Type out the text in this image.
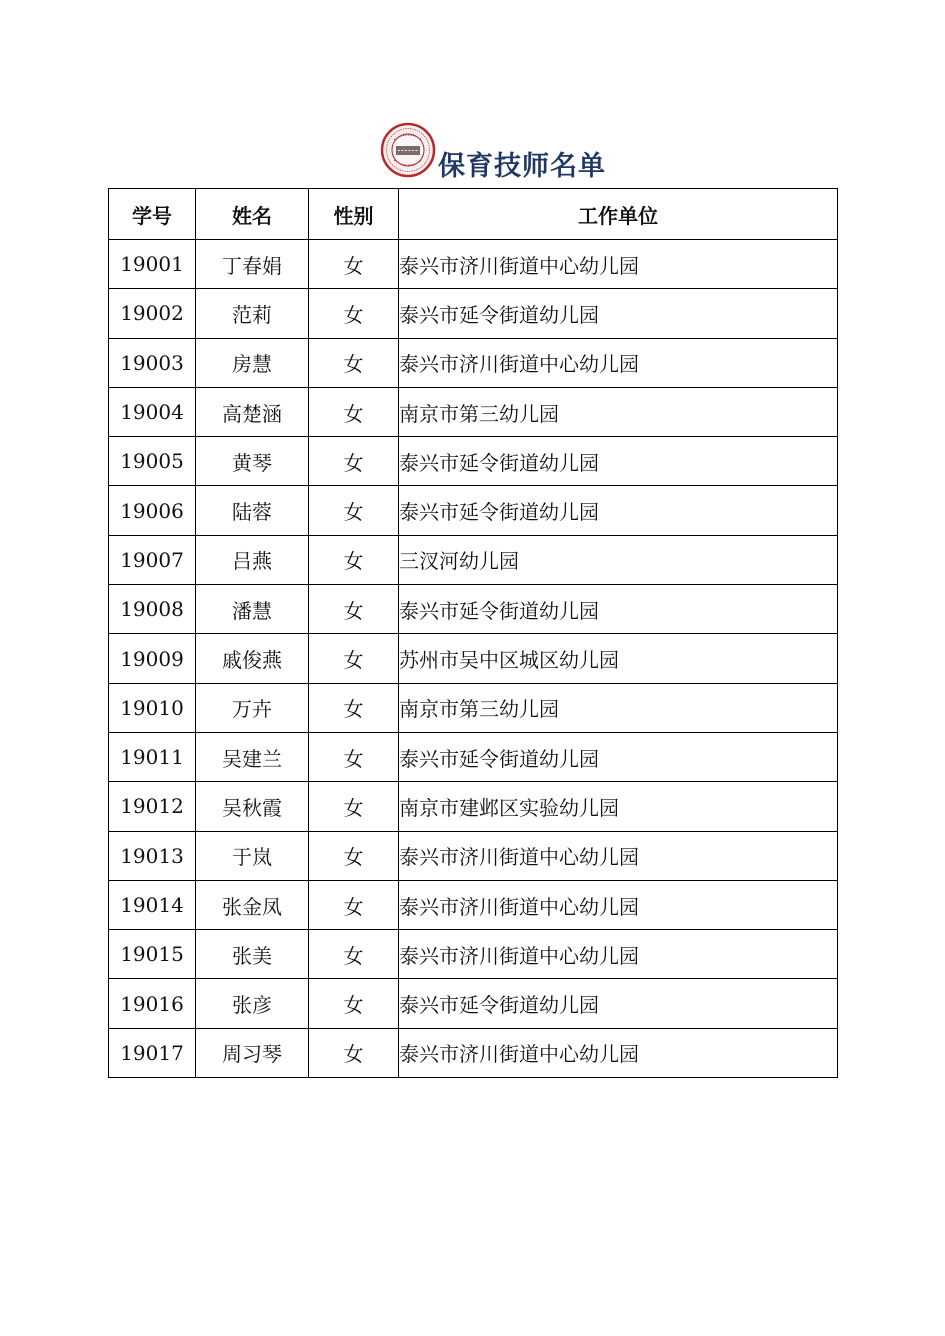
保育技师名单
学号	姓名	性别	工作单位
19001	丁春娟	女	泰兴市济川街道中心幼儿园
19002	范莉	女	泰兴市延令街道幼儿园
19003	房慧	女	泰兴市济川街道中心幼儿园
19004	高楚涵	女	南京市第三幼儿园
19005	黄琴	女	泰兴市延令街道幼儿园
19006	陆蓉	女	泰兴市延令街道幼儿园
19007	吕燕	女	三汊河幼儿园
19008	潘慧	女	泰兴市延令街道幼儿园
19009	戚俊燕	女	苏州市吴中区城区幼儿园
19010	万卉	女	南京市第三幼儿园
19011	吴建兰	女	泰兴市延令街道幼儿园
19012	吴秋霞	女	南京市建邺区实验幼儿园
19013	于岚	女	泰兴市济川街道中心幼儿园
19014	张金凤	女	泰兴市济川街道中心幼儿园
19015	张美	女	泰兴市济川街道中心幼儿园
19016	张彦	女	泰兴市延令街道幼儿园
19017	周习琴	女	泰兴市济川街道中心幼儿园
